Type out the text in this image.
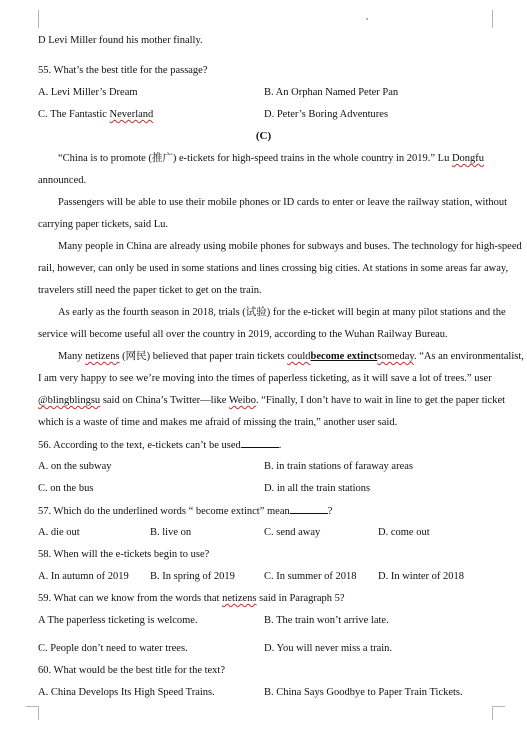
D Levi Miller found his mother finally.
55. What’s the best title for the passage?
A. Levi Miller’s Dream	B. An Orphan Named Peter Pan
C. The Fantastic Neverland	D. Peter’s Boring Adventures
(C)
“China is to promote (推广) e-tickets for high-speed trains in the whole country in 2019.” Lu Dongfu
announced.
Passengers will be able to use their mobile phones or ID cards to enter or leave the railway station, without
carrying paper tickets, said Lu.
Many people in China are already using mobile phones for subways and buses. The technology for high-speed
rail, however, can only be used in some stations and lines crossing big cities. At stations in some areas far away,
travelers still need the paper ticket to get on the train.
As early as the fourth season in 2018, trials (试验) for the e-ticket will begin at many pilot stations and the
service will become useful all over the country in 2019, according to the Wuhan Railway Bureau.
Many netizens (网民) believed that paper train tickets couldbecome extinctsomeday. “As an environmentalist,
I am very happy to see we’re moving into the times of paperless ticketing, as it will save a lot of trees.” user
@blingblingsu said on China’s Twitter—like Weibo. “Finally, I don’t have to wait in line to get the paper ticket
which is a waste of time and makes me afraid of missing the train,” another user said.
56. According to the text, e-tickets can’t be used	.
A. on the subway	B. in train stations of faraway areas
C. on the bus	D. in all the train stations
57. Which do the underlined words “ become extinct” mean	?
A. die out	B. live on	C. send away	D. come out
58. When will the e-tickets begin to use?
A. In autumn of 2019	B. In spring of 2019	C. In summer of 2018 D. In winter of 2018
59. What can we know from the words that netizens said in Paragraph 5?
A The paperless ticketing is welcome.	B. The train won’t arrive late.
C. People don’t need to water trees.	D. You will never miss a train.
60. What would be the best title for the text?
A. China Develops Its High Speed Trains.	B. China Says Goodbye to Paper Train Tickets.
